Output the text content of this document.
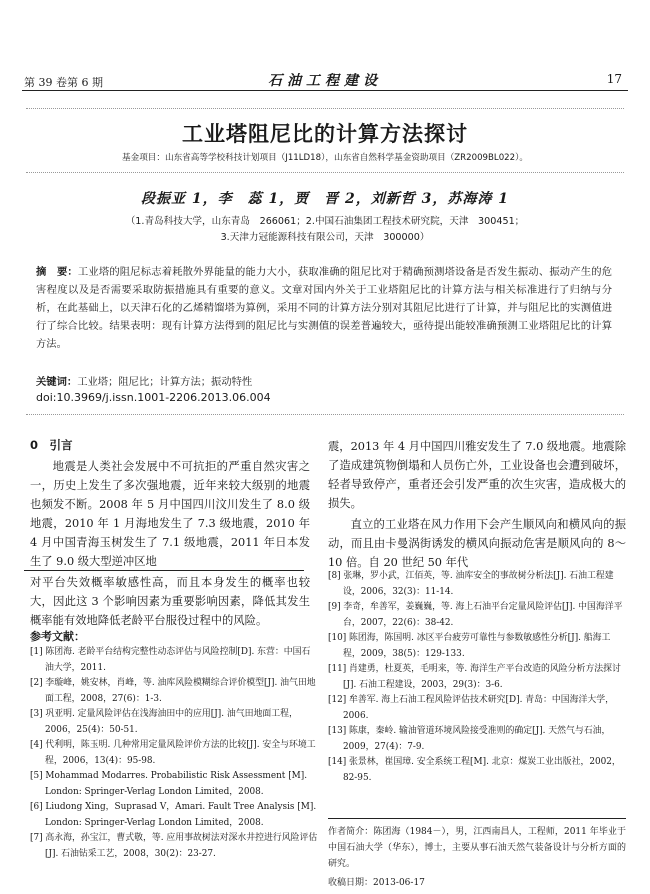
第 39 卷第 6 期	石油工程建设	17
工业塔阻尼比的计算方法探讨
基金项目：山东省高等学校科技计划项目（J11LD18），山东省自然科学基金资助项目（ZR2009BL022）。
段振亚 1，李　蕊 1，贾　晋 2，刘新哲 3，苏海涛 1
（1.青岛科技大学，山东青岛　266061；2.中国石油集团工程技术研究院，天津　300451；
3.天津力冠能源科技有限公司，天津　300000）
摘　要：工业塔的阻尼标志着耗散外界能量的能力大小，获取准确的阻尼比对于精确预测塔设备是否发生振动、振动产生的危害程度以及是否需要采取防振措施具有重要的意义。文章对国内外关于工业塔阻尼比的计算方法与相关标准进行了归纳与分析，在此基础上，以天津石化的乙烯精馏塔为算例，采用不同的计算方法分别对其阻尼比进行了计算，并与阻尼比的实测值进行了综合比较。结果表明：现有计算方法得到的阻尼比与实测值的误差普遍较大，亟待提出能较准确预测工业塔阻尼比的计算方法。
关键词：工业塔；阻尼比；计算方法；振动特性
doi:10.3969/j.issn.1001-2206.2013.06.004
0　引言
地震是人类社会发展中不可抗拒的严重自然灾害之一，历史上发生了多次强地震，近年来较大级别的地震也频发不断。2008 年 5 月中国四川汶川发生了 8.0 级地震，2010 年 1 月海地发生了 7.3 级地震，2010 年 4 月中国青海玉树发生了 7.1 级地震，2011 年日本发生了 9.0 级大型逆冲区地
震，2013 年 4 月中国四川雅安发生了 7.0 级地震。地震除了造成建筑物倒塌和人员伤亡外，工业设备也会遭到破坏，轻者导致停产，重者还会引发严重的次生灾害，造成极大的损失。
直立的工业塔在风力作用下会产生顺风向和横风向的振动，而且由卡曼涡街诱发的横风向振动危害是顺风向的 8～10 倍。自 20 世纪 50 年代
对平台失效概率敏感性高，而且本身发生的概率也较大，因此这 3 个影响因素为重要影响因素，降低其发生概率能有效地降低老龄平台服役过程中的风险。
参考文献：
[1] 陈团海. 老龄平台结构完整性动态评估与风险控制[D]. 东营：中国石油大学，2011.
[2] 李璇峰，姚安林，肖峰，等. 油库风险模糊综合评价模型[J]. 油气田地面工程，2008，27(6)：1-3.
[3] 巩亚明. 定量风险评估在浅海油田中的应用[J]. 油气田地面工程，2006，25(4)：50-51.
[4] 代利明，陈玉明. 几种常用定量风险评价方法的比较[J]. 安全与环境工程，2006，13(4)：95-98.
[5] Mohammad Modarres. Probabilistic Risk Assessment [M]. London: Springer-Verlag London Limited，2008.
[6] Liudong Xing，Suprasad V，Amari. Fault Tree Analysis [M]. London: Springer-Verlag London Limited，2008.
[7] 高永海，孙宝江，曹式敬，等. 应用事故树法对深水井控进行风险评估[J]. 石油钻采工艺，2008，30(2)：23-27.
[8] 张琳，罗小武，江佰英，等. 油库安全的事故树分析法[J]. 石油工程建设，2006，32(3)：11-14.
[9] 李奇，牟善军，姜巍巍，等. 海上石油平台定量风险评估[J]. 中国海洋平台，2007，22(6)：38-42.
[10] 陈团海，陈国明. 冰区平台疲劳可靠性与参数敏感性分析[J]. 船海工程，2009，38(5)：129-133.
[11] 肖建勇，杜夏英，毛明来，等. 海洋生产平台改造的风险分析方法探讨[J]. 石油工程建设，2003，29(3)：3-6.
[12] 牟善军. 海上石油工程风险评估技术研究[D]. 青岛：中国海洋大学，2006.
[13] 陈康，秦岭. 输油管道环境风险接受准则的确定[J]. 天然气与石油，2009，27(4)：7-9.
[14] 张景林，崔国璋. 安全系统工程[M]. 北京：煤炭工业出版社，2002，82-95.
作者简介：陈团海（1984－），男，江西南昌人，工程师，2011 年毕业于中国石油大学（华东），博士，主要从事石油天然气装备设计与分析方面的研究。
收稿日期：2013-06-17
